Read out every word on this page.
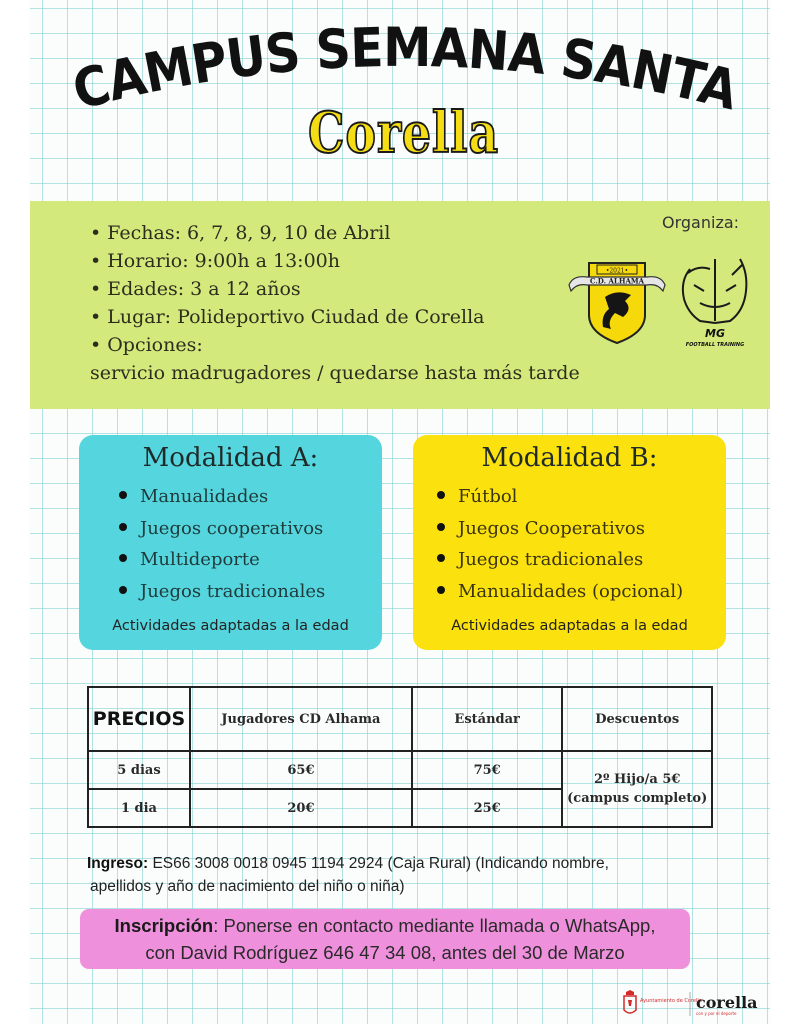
CAMPUS SEMANA SANTA
Corella
• Fechas: 6, 7, 8, 9, 10 de Abril
• Horario: 9:00h a 13:00h
• Edades: 3 a 12 años
• Lugar: Polideportivo Ciudad de Corella
• Opciones:
servicio madrugadores / quedarse hasta más tarde
Organiza:
•2021•
C.D. ALHAMA
MG
FOOTBALL TRAINING
Modalidad A:
Manualidades
Juegos cooperativos
Multideporte
Juegos tradicionales
Actividades adaptadas a la edad
Modalidad B:
Fútbol
Juegos Cooperativos
Juegos tradicionales
Manualidades (opcional)
Actividades adaptadas a la edad
PRECIOS	Jugadores CD Alhama	Estándar	Descuentos
5 dias	65€	75€	2º Hijo/a 5€
(campus completo)

1 dia	20€	25€	
Ingreso: ES66 3008 0018 0945 1194 2924 (Caja Rural) (Indicando nombre,
apellidos y año de nacimiento del niño o niña)
Inscripción: Ponerse en contacto mediante llamada o WhatsApp,
con David Rodríguez 646 47 34 08, antes del 30 de Marzo
Ayuntamiento de Corella
corella
con y por el deporte
